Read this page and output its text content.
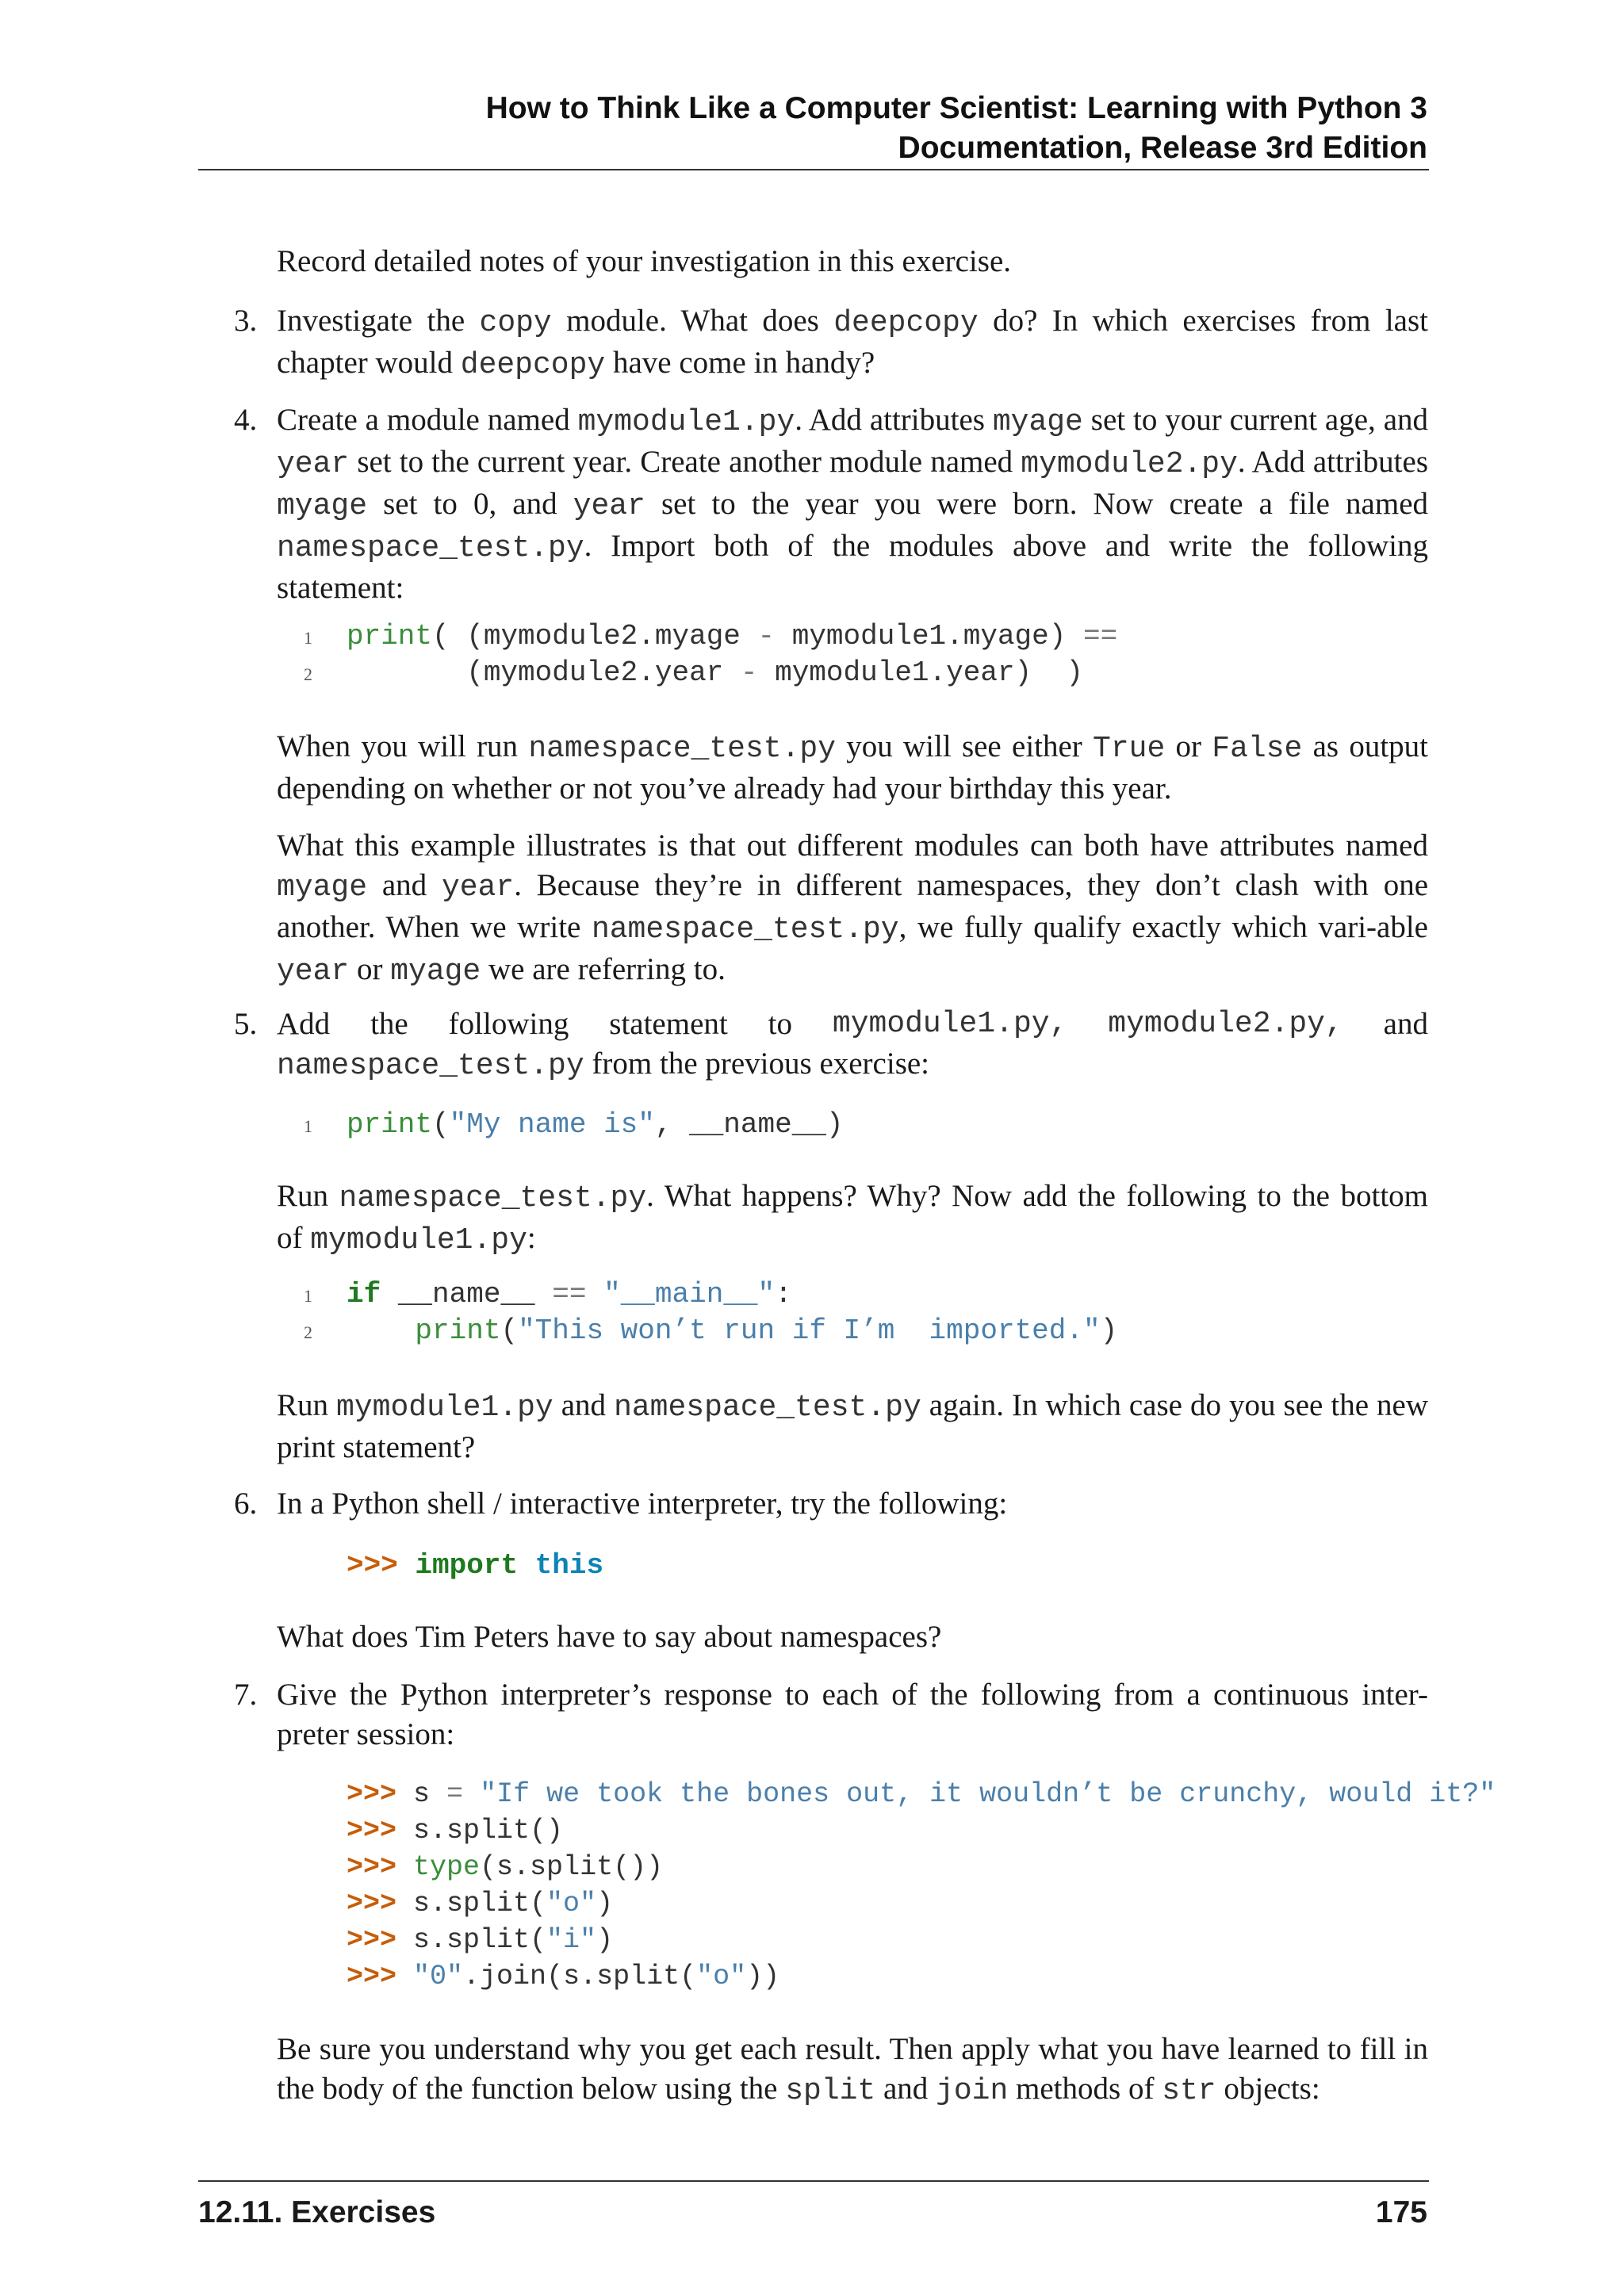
How to Think Like a Computer Scientist: Learning with Python 3
Documentation, Release 3rd Edition

Record detailed notes of your investigation in this exercise.

3. Investigate the copy module. What does deepcopy do? In which exercises from last chapter would deepcopy have come in handy?

4. Create a module named mymodule1.py. Add attributes myage set to your current age, and year set to the current year. Create another module named mymodule2.py. Add attributes myage set to 0, and year set to the year you were born. Now create a file named namespace_test.py. Import both of the modules above and write the following statement:

1 print( (mymodule2.myage - mymodule1.myage) ==
2       (mymodule2.year - mymodule1.year)  )

When you will run namespace_test.py you will see either True or False as output depending on whether or not you’ve already had your birthday this year.

What this example illustrates is that out different modules can both have attributes named myage and year. Because they’re in different namespaces, they don’t clash with one another. When we write namespace_test.py, we fully qualify exactly which vari-able year or myage we are referring to.

5. Add the following statement to mymodule1.py, mymodule2.py, and
namespace_test.py from the previous exercise:
1 print("My name is", __name__)

Run namespace_test.py. What happens? Why? Now add the following to the bottom of mymodule1.py:

1 if __name__ == "__main__":
2	print("This won’t run if I’m  imported.")

Run mymodule1.py and namespace_test.py again. In which case do you see the new print statement?

6. In a Python shell / interactive interpreter, try the following:

>>> import this

What does Tim Peters have to say about namespaces?

7. Give the Python interpreter’s response to each of the following from a continuous inter-preter session:

>>> s = "If we took the bones out, it wouldn’t be crunchy, would it?"
>>> s.split()
>>> type(s.split())
>>> s.split("o")
>>> s.split("i")
>>> "0".join(s.split("o"))

Be sure you understand why you get each result. Then apply what you have learned to fill in the body of the function below using the split and join methods of str objects:

12.11. Exercises	175
